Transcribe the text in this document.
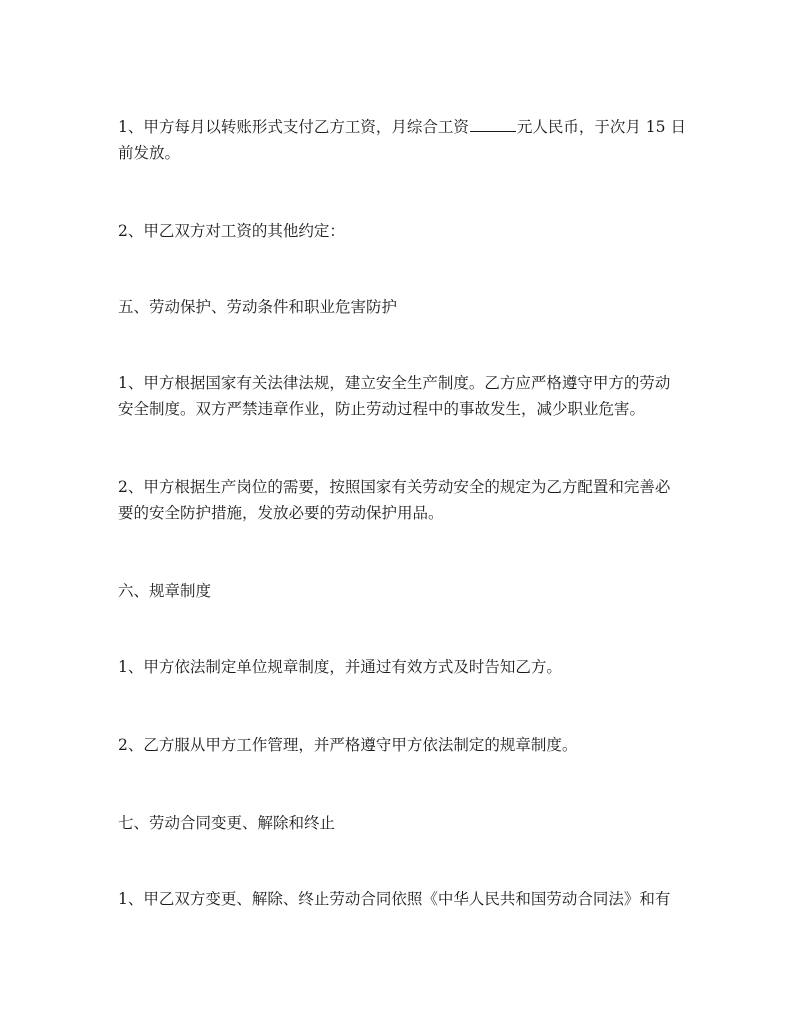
1、甲方每月以转账形式支付乙方工资，月综合工资	元人民币，于次月 15 日
前发放。

2、甲乙双方对工资的其他约定：

五、劳动保护、劳动条件和职业危害防护

1、甲方根据国家有关法律法规，建立安全生产制度。乙方应严格遵守甲方的劳动
安全制度。双方严禁违章作业，防止劳动过程中的事故发生，减少职业危害。

2、甲方根据生产岗位的需要，按照国家有关劳动安全的规定为乙方配置和完善必
要的安全防护措施，发放必要的劳动保护用品。

六、规章制度

1、甲方依法制定单位规章制度，并通过有效方式及时告知乙方。

2、乙方服从甲方工作管理，并严格遵守甲方依法制定的规章制度。

七、劳动合同变更、解除和终止

1、甲乙双方变更、解除、终止劳动合同依照《中华人民共和国劳动合同法》和有
